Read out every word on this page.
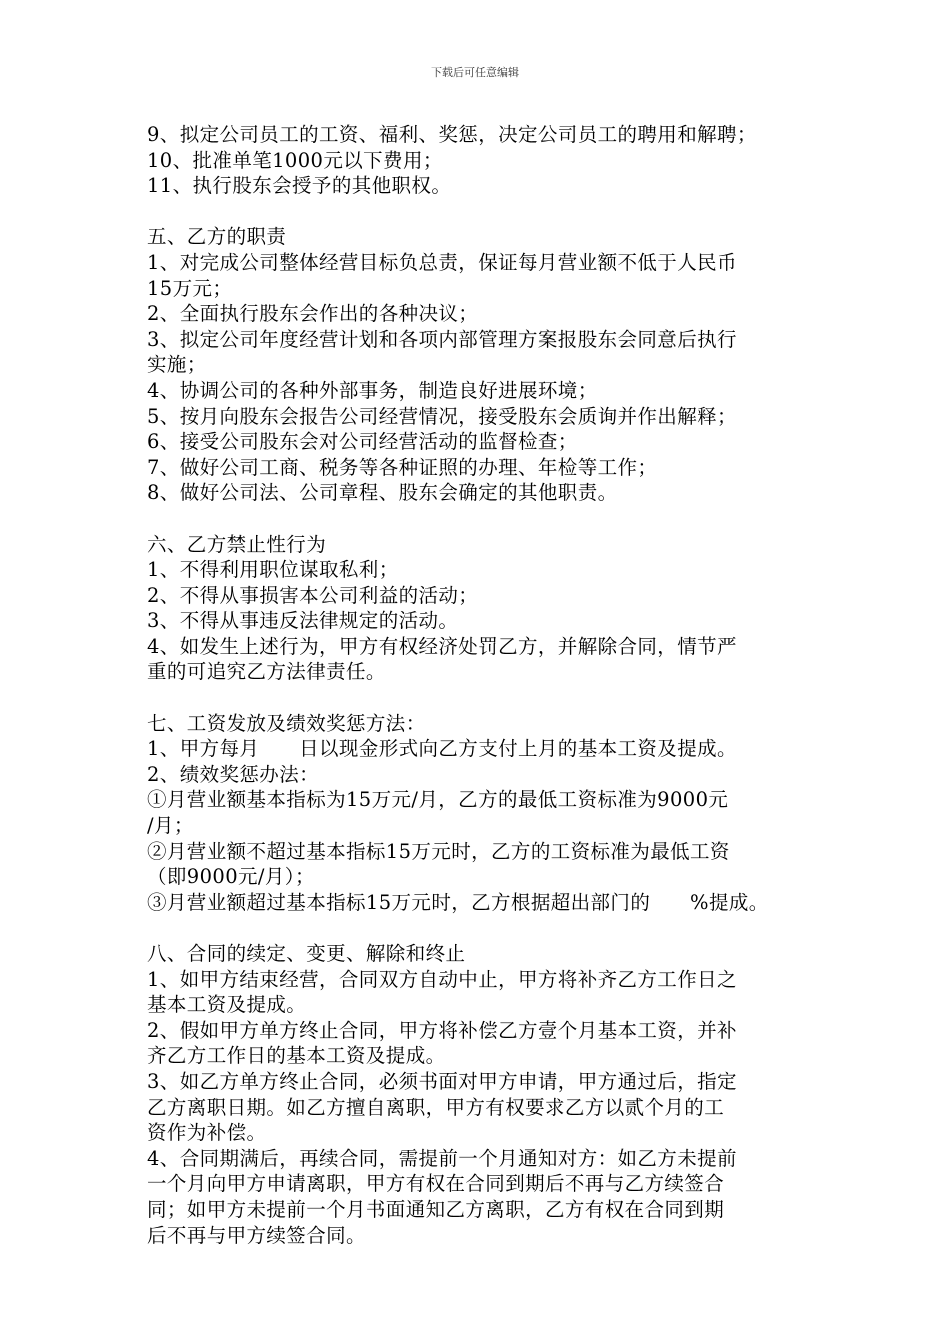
下载后可任意编辑
9、拟定公司员工的工资、福利、奖惩，决定公司员工的聘用和解聘；
10、批准单笔1000元以下费用；
11、执行股东会授予的其他职权。
五、乙方的职责
1、对完成公司整体经营目标负总责，保证每月营业额不低于人民币
15万元；
2、全面执行股东会作出的各种决议；
3、拟定公司年度经营计划和各项内部管理方案报股东会同意后执行
实施；
4、协调公司的各种外部事务，制造良好进展环境；
5、按月向股东会报告公司经营情况，接受股东会质询并作出解释；
6、接受公司股东会对公司经营活动的监督检查；
7、做好公司工商、税务等各种证照的办理、年检等工作；
8、做好公司法、公司章程、股东会确定的其他职责。
六、乙方禁止性行为
1、不得利用职位谋取私利；
2、不得从事损害本公司利益的活动；
3、不得从事违反法律规定的活动。
4、如发生上述行为，甲方有权经济处罚乙方，并解除合同，情节严
重的可追究乙方法律责任。
七、工资发放及绩效奖惩方法：
1、甲方每月　　日以现金形式向乙方支付上月的基本工资及提成。
2、绩效奖惩办法：
①月营业额基本指标为15万元/月，乙方的最低工资标准为9000元
/月；
②月营业额不超过基本指标15万元时，乙方的工资标准为最低工资
（即9000元/月）；
③月营业额超过基本指标15万元时，乙方根据超出部门的　　%提成。
八、合同的续定、变更、解除和终止
1、如甲方结束经营，合同双方自动中止，甲方将补齐乙方工作日之
基本工资及提成。
2、假如甲方单方终止合同，甲方将补偿乙方壹个月基本工资，并补
齐乙方工作日的基本工资及提成。
3、如乙方单方终止合同，必须书面对甲方申请，甲方通过后，指定
乙方离职日期。如乙方擅自离职，甲方有权要求乙方以贰个月的工
资作为补偿。
4、合同期满后，再续合同，需提前一个月通知对方：如乙方未提前
一个月向甲方申请离职，甲方有权在合同到期后不再与乙方续签合
同；如甲方未提前一个月书面通知乙方离职，乙方有权在合同到期
后不再与甲方续签合同。
